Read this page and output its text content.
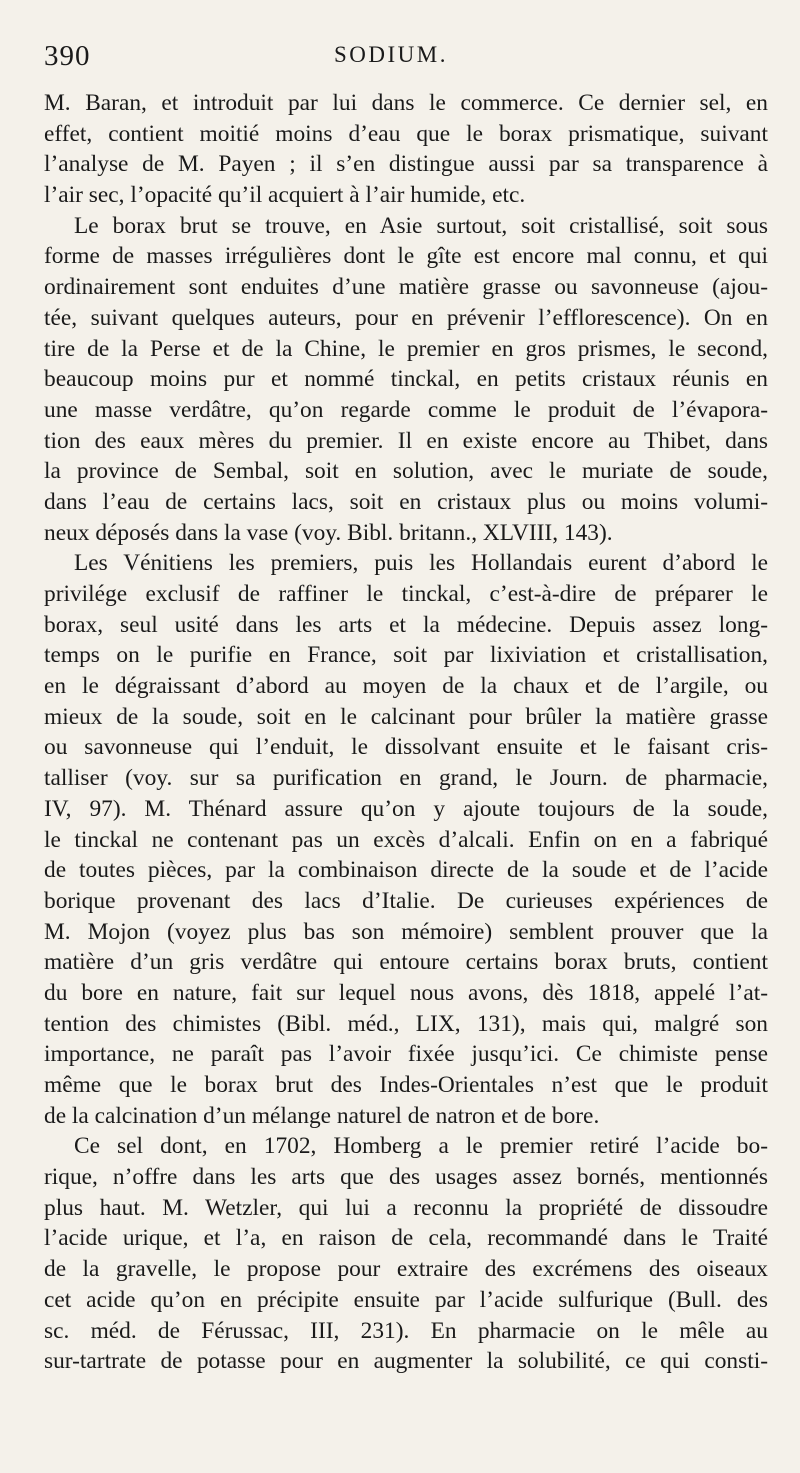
390	SODIUM.
M. Baran, et introduit par lui dans le commerce. Ce dernier sel, en
effet, contient moitié moins d’eau que le borax prismatique, suivant
l’analyse de M. Payen ; il s’en distingue aussi par sa transparence à
l’air sec, l’opacité qu’il acquiert à l’air humide, etc.
Le borax brut se trouve, en Asie surtout, soit cristallisé, soit sous
forme de masses irrégulières dont le gîte est encore mal connu, et qui
ordinairement sont enduites d’une matière grasse ou savonneuse (ajou-
tée, suivant quelques auteurs, pour en prévenir l’efflorescence). On en
tire de la Perse et de la Chine, le premier en gros prismes, le second,
beaucoup moins pur et nommé tinckal, en petits cristaux réunis en
une masse verdâtre, qu’on regarde comme le produit de l’évapora-
tion des eaux mères du premier. Il en existe encore au Thibet, dans
la province de Sembal, soit en solution, avec le muriate de soude,
dans l’eau de certains lacs, soit en cristaux plus ou moins volumi-
neux déposés dans la vase (voy. Bibl. britann., XLVIII, 143).
Les Vénitiens les premiers, puis les Hollandais eurent d’abord le
privilége exclusif de raffiner le tinckal, c’est-à-dire de préparer le
borax, seul usité dans les arts et la médecine. Depuis assez long-
temps on le purifie en France, soit par lixiviation et cristallisation,
en le dégraissant d’abord au moyen de la chaux et de l’argile, ou
mieux de la soude, soit en le calcinant pour brûler la matière grasse
ou savonneuse qui l’enduit, le dissolvant ensuite et le faisant cris-
talliser (voy. sur sa purification en grand, le Journ. de pharmacie,
IV, 97). M. Thénard assure qu’on y ajoute toujours de la soude,
le tinckal ne contenant pas un excès d’alcali. Enfin on en a fabriqué
de toutes pièces, par la combinaison directe de la soude et de l’acide
borique provenant des lacs d’Italie. De curieuses expériences de
M. Mojon (voyez plus bas son mémoire) semblent prouver que la
matière d’un gris verdâtre qui entoure certains borax bruts, contient
du bore en nature, fait sur lequel nous avons, dès 1818, appelé l’at-
tention des chimistes (Bibl. méd., LIX, 131), mais qui, malgré son
importance, ne paraît pas l’avoir fixée jusqu’ici. Ce chimiste pense
même que le borax brut des Indes-Orientales n’est que le produit
de la calcination d’un mélange naturel de natron et de bore.
Ce sel dont, en 1702, Homberg a le premier retiré l’acide bo-
rique, n’offre dans les arts que des usages assez bornés, mentionnés
plus haut. M. Wetzler, qui lui a reconnu la propriété de dissoudre
l’acide urique, et l’a, en raison de cela, recommandé dans le Traité
de la gravelle, le propose pour extraire des excrémens des oiseaux
cet acide qu’on en précipite ensuite par l’acide sulfurique (Bull. des
sc. méd. de Férussac, III, 231). En pharmacie on le mêle au
sur-tartrate de potasse pour en augmenter la solubilité, ce qui consti-
